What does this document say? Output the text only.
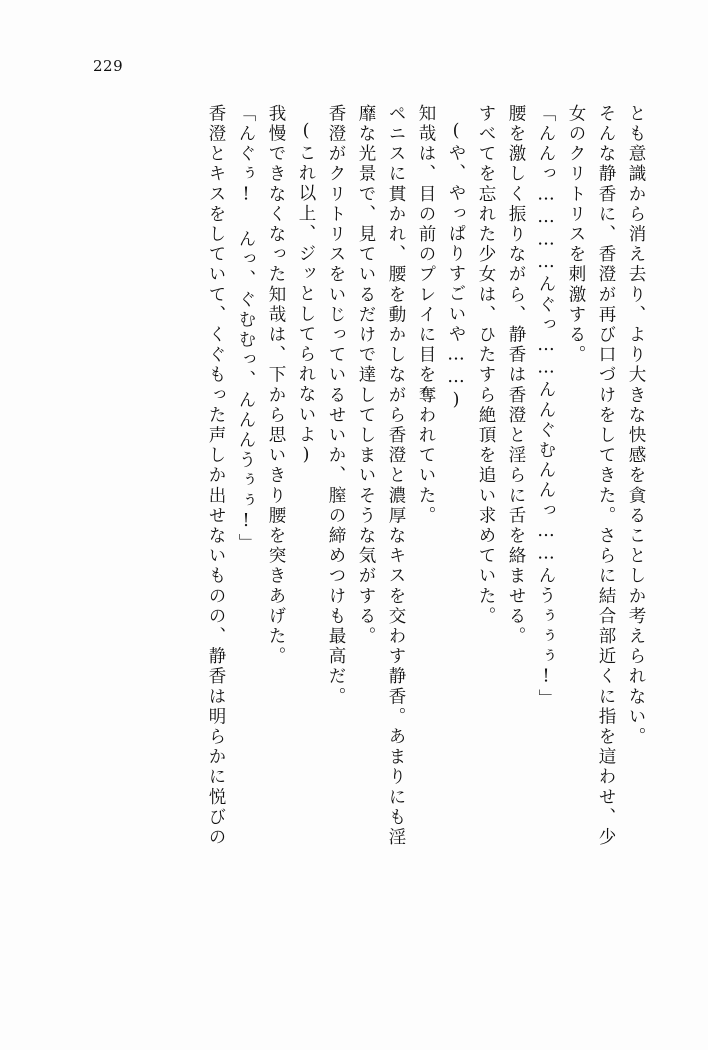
229
とも意識から消え去り、より大きな快感を貪ることしか考えられない。
そんな静香に、香澄が再び口づけをしてきた。さらに結合部近くに指を這わせ、少
女のクリトリスを刺激する。
「んんっ…………んぐっ……んんぐむんんっ……んうぅぅぅ!」
腰を激しく振りながら、静香は香澄と淫らに舌を絡ませる。
すべてを忘れた少女は、ひたすら絶頂を追い求めていた。
(や、やっぱりすごいや……)
知哉は、目の前のプレイに目を奪われていた。
ペニスに貫かれ、腰を動かしながら香澄と濃厚なキスを交わす静香。あまりにも淫
靡な光景で、見ているだけで達してしまいそうな気がする。
香澄がクリトリスをいじっているせいか、膣の締めつけも最高だ。
(これ以上、ジッとしてられないよ)
我慢できなくなった知哉は、下から思いきり腰を突きあげた。
「んぐぅ! んっ、ぐむむっ、んんんうぅぅ!」
香澄とキスをしていて、くぐもった声しか出せないものの、静香は明らかに悦びの
